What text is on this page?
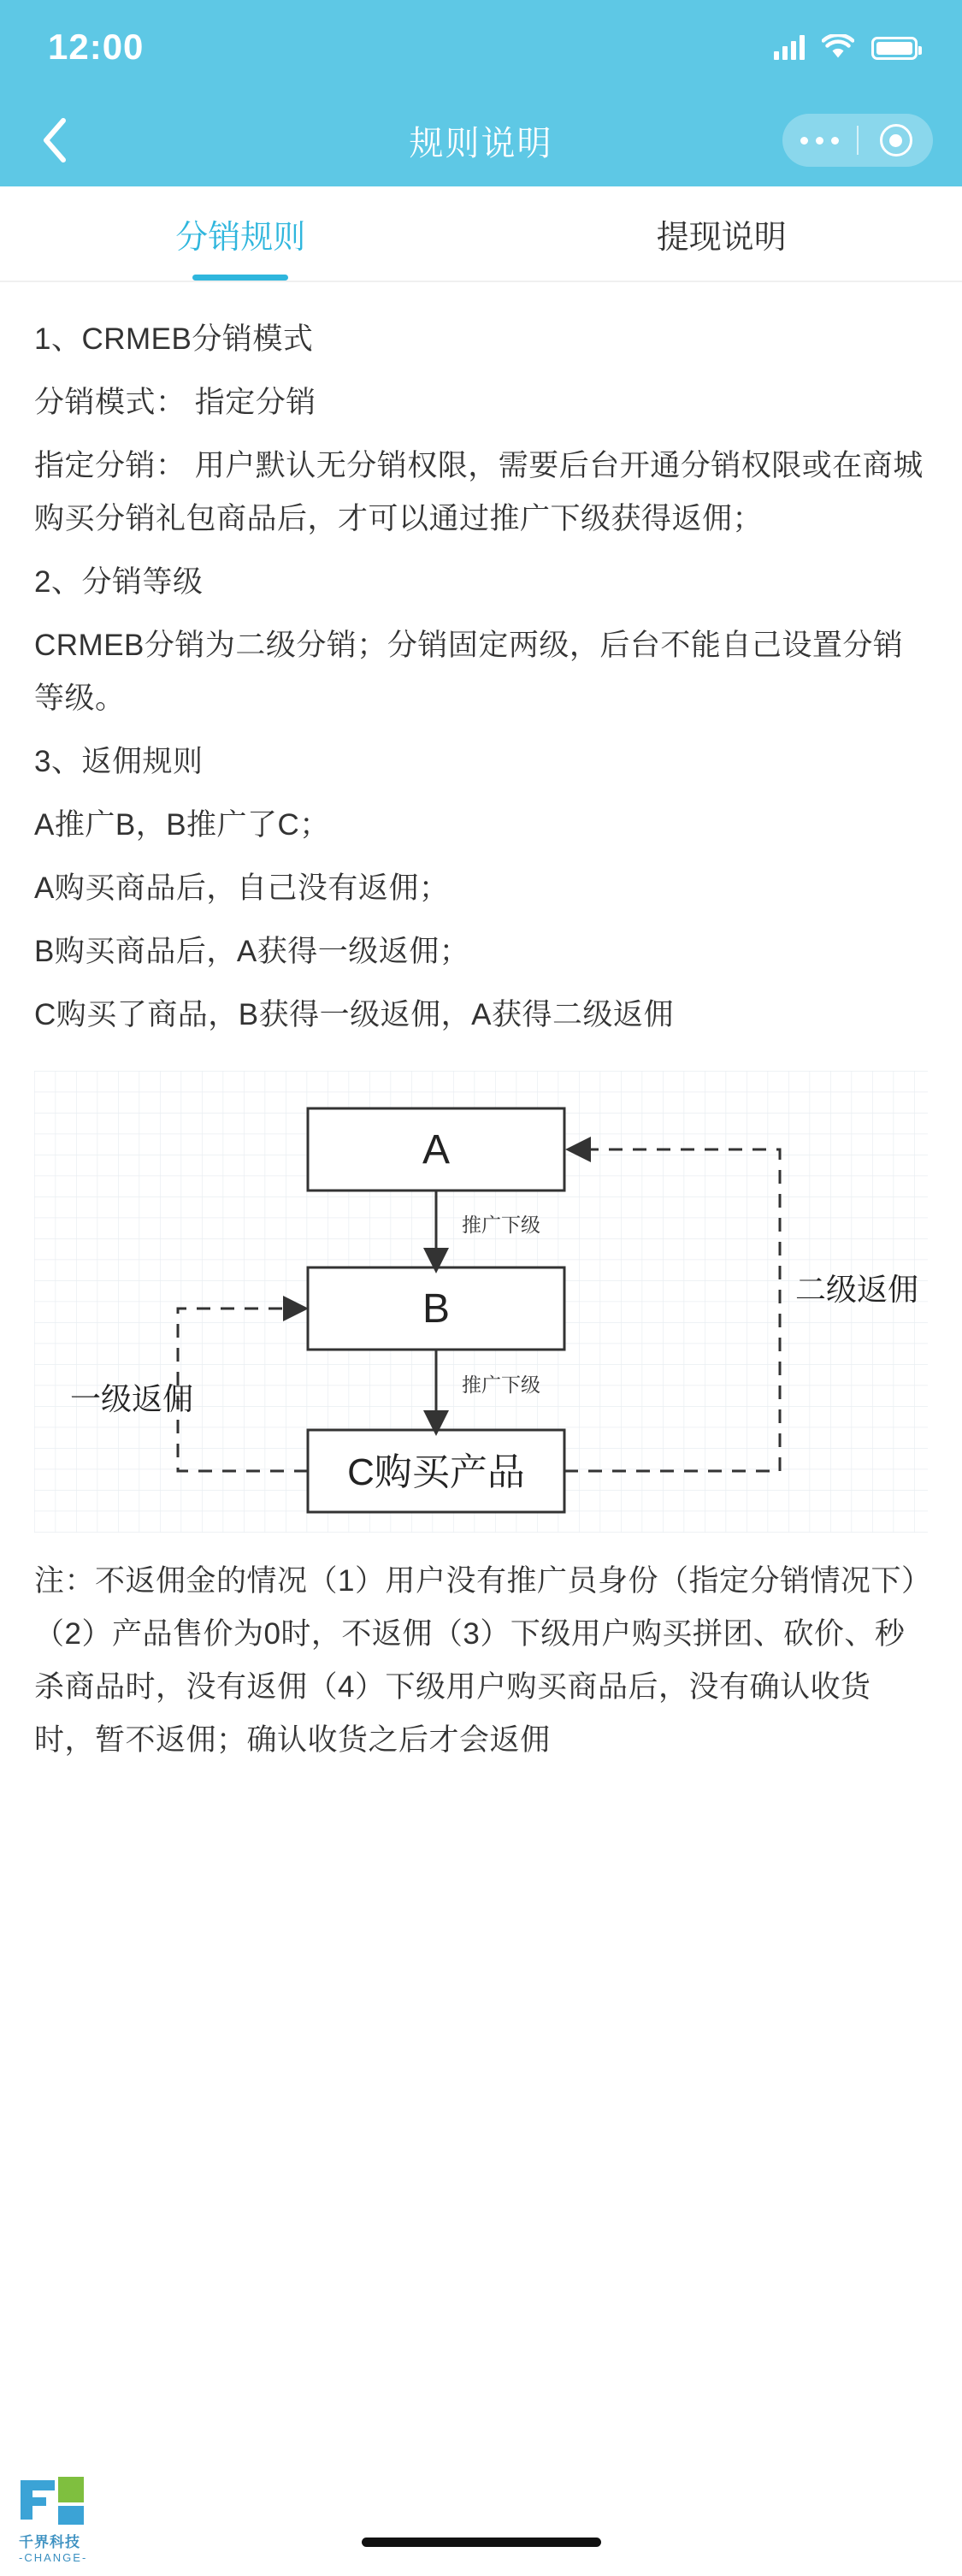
12:00
规则说明
分销规则	提现说明

1、CRMEB分销模式

分销模式： 指定分销

指定分销： 用户默认无分销权限，需要后台开通分销权限或在商城购买分销礼包商品后，才可以通过推广下级获得返佣；

2、分销等级

CRMEB分销为二级分销；分销固定两级，后台不能自己设置分销等级。

3、返佣规则

A推广B，B推广了C；

A购买商品后，自己没有返佣；

B购买商品后，A获得一级返佣；

C购买了商品，B获得一级返佣，A获得二级返佣

A
B
C购买产品
推广下级
推广下级
二级返佣
一级返佣

注：不返佣金的情况（1）用户没有推广员身份（指定分销情况下）（2）产品售价为0时，不返佣（3）下级用户购买拼团、砍价、秒杀商品时，没有返佣（4）下级用户购买商品后，没有确认收货时，暂不返佣；确认收货之后才会返佣

千界科技
-CHANGE-
